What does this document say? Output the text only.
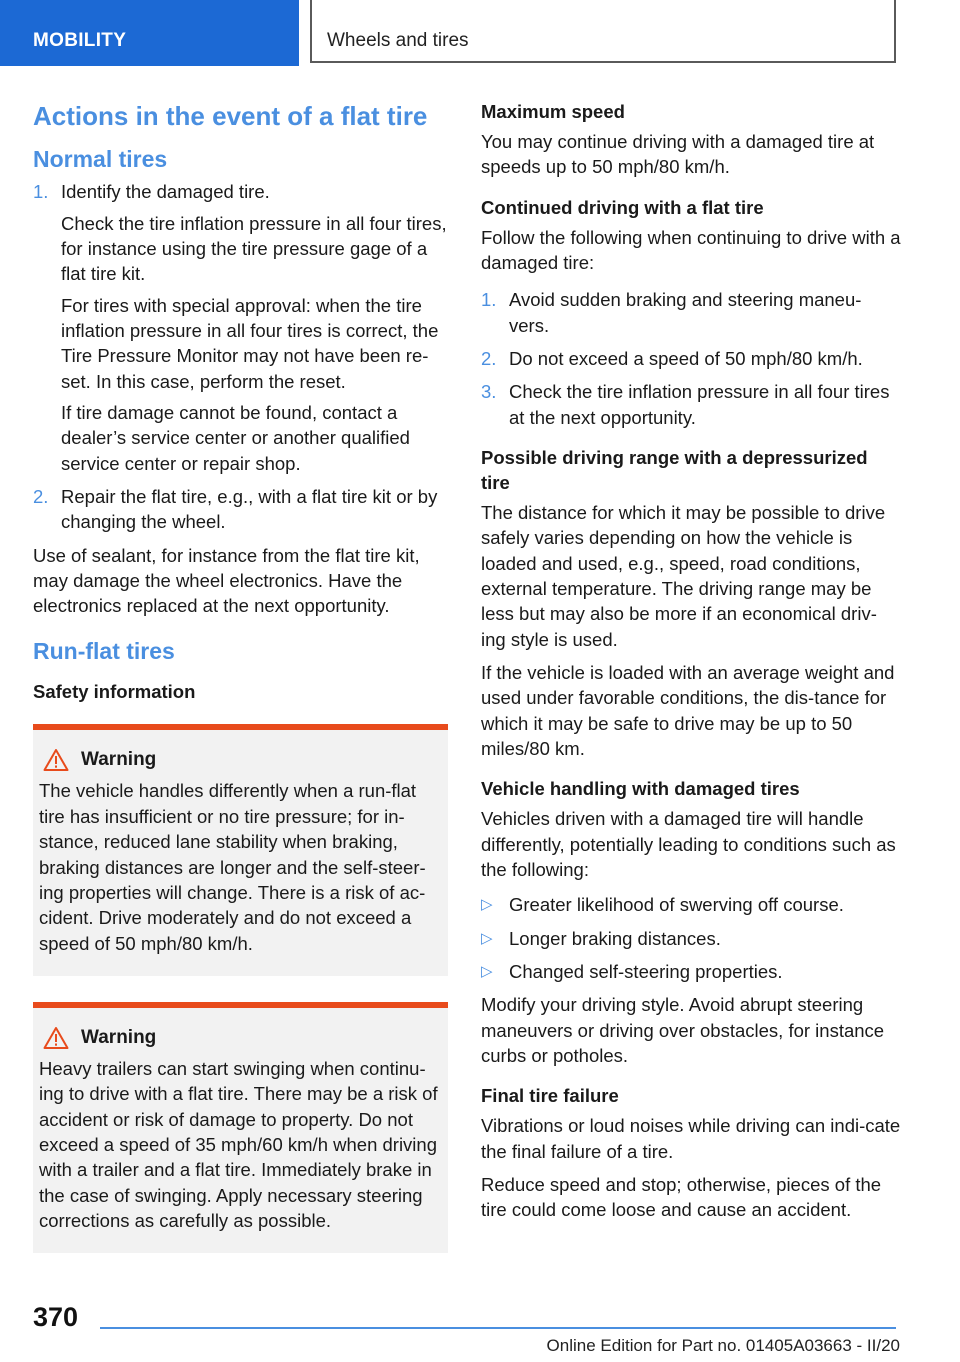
MOBILITY	Wheels and tires
Actions in the event of a flat tire
Normal tires
1. Identify the damaged tire.

Check the tire inflation pressure in all four tires, for instance using the tire pressure gage of a flat tire kit.

For tires with special approval: when the tire inflation pressure in all four tires is correct, the Tire Pressure Monitor may not have been re-set. In this case, perform the reset.

If tire damage cannot be found, contact a dealer’s service center or another qualified service center or repair shop.

2. Repair the flat tire, e.g., with a flat tire kit or by changing the wheel.

Use of sealant, for instance from the flat tire kit, may damage the wheel electronics. Have the electronics replaced at the next opportunity.

Run-flat tires
Safety information
Warning

The vehicle handles differently when a run-flat tire has insufficient or no tire pressure; for in-stance, reduced lane stability when braking, braking distances are longer and the self-steer-ing properties will change. There is a risk of ac-cident. Drive moderately and do not exceed a speed of 50 mph/80 km/h.

Warning

Heavy trailers can start swinging when continu-ing to drive with a flat tire. There may be a risk of accident or risk of damage to property. Do not exceed a speed of 35 mph/60 km/h when driving with a trailer and a flat tire. Immediately brake in the case of swinging. Apply necessary steering corrections as carefully as possible.

Maximum speed

You may continue driving with a damaged tire at speeds up to 50 mph/80 km/h.

Continued driving with a flat tire

Follow the following when continuing to drive with a damaged tire:

1. Avoid sudden braking and steering maneu-vers.
2. Do not exceed a speed of 50 mph/80 km/h.
3. Check the tire inflation pressure in all four tires at the next opportunity.
Possible driving range with a depressurized tire

The distance for which it may be possible to drive safely varies depending on how the vehicle is loaded and used, e.g., speed, road conditions, external temperature. The driving range may be less but may also be more if an economical driv-ing style is used.

If the vehicle is loaded with an average weight and used under favorable conditions, the dis-tance for which it may be safe to drive may be up to 50 miles/80 km.

Vehicle handling with damaged tires

Vehicles driven with a damaged tire will handle differently, potentially leading to conditions such as the following:

▷ Greater likelihood of swerving off course.
▷ Longer braking distances.
▷ Changed self-steering properties.

Modify your driving style. Avoid abrupt steering maneuvers or driving over obstacles, for instance curbs or potholes.

Final tire failure

Vibrations or loud noises while driving can indi-cate the final failure of a tire.

Reduce speed and stop; otherwise, pieces of the tire could come loose and cause an accident.

370
Online Edition for Part no. 01405A03663 - II/20
